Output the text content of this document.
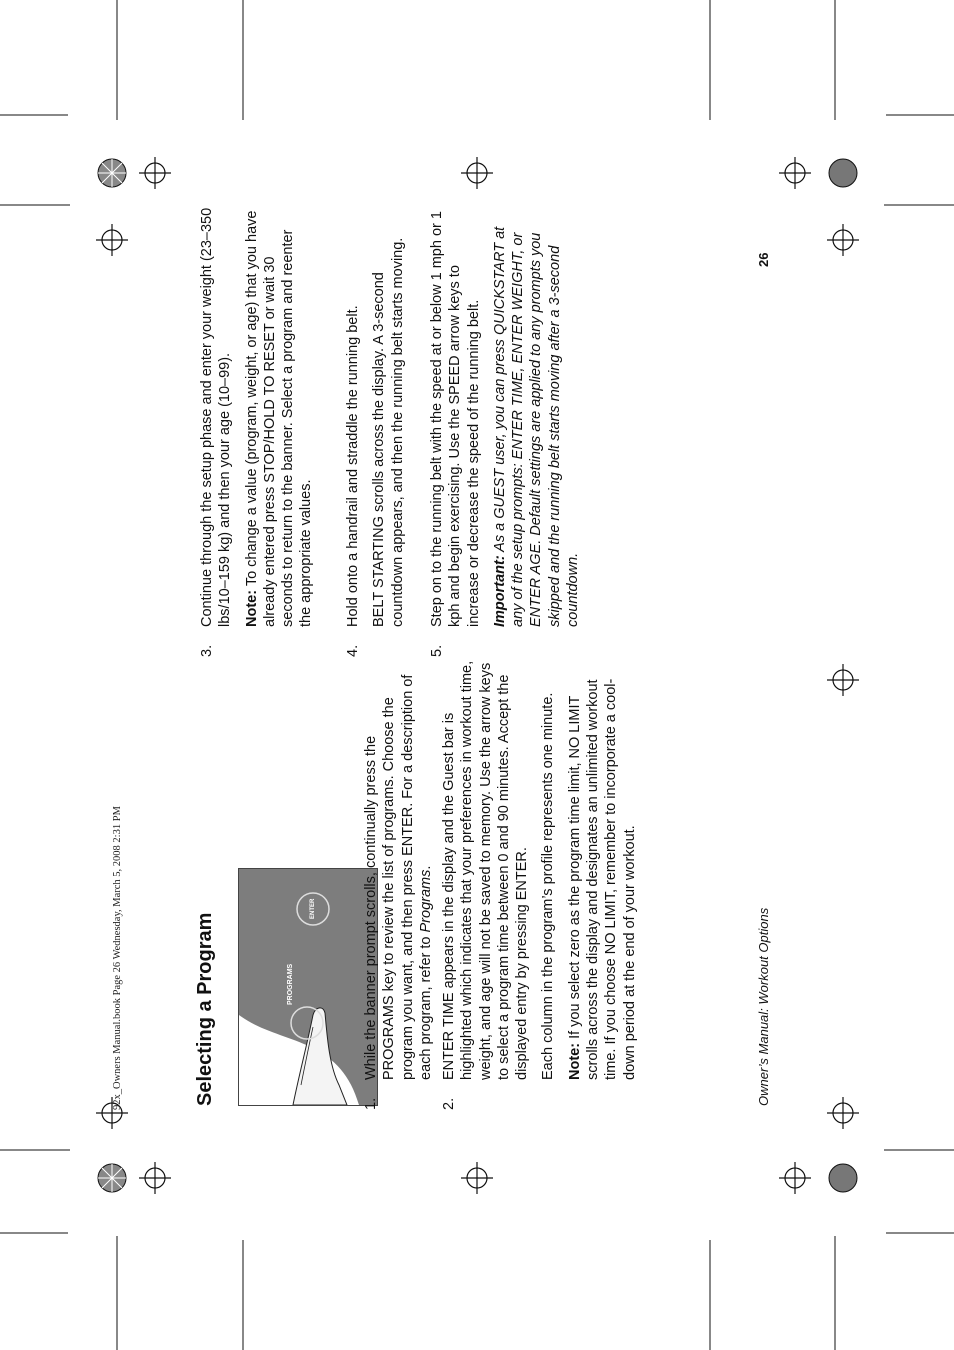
92x_Owners Manual.book Page 26 Wednesday, March 5, 2008 2:31 PM	Selecting a Program	PROGRAMS
ENTER
1.

While the banner prompt scrolls, continually press the PROGRAMS key to review the list of programs. Choose the program you want, and then press ENTER. For a description of each program, refer to Programs.

2.

ENTER TIME appears in the display and the Guest bar is highlighted which indicates that your preferences in workout time, weight, and age will not be saved to memory. Use the arrow keys to select a program time between 0 and 90 minutes. Accept the displayed entry by pressing ENTER. Each column in the program’s profile represents one minute. Note: If you select zero as the program time limit, NO LIMIT scrolls across the display and designates an unlimited workout time. If you choose NO LIMIT, remember to incorporate a cool-down period at the end of your workout.

3.

Continue through the setup phase and enter your weight (23–350 lbs/10–159 kg) and then your age (10–99). Note: To change a value (program, weight, or age) that you have already entered press STOP/HOLD TO RESET or wait 30 seconds to return to the banner. Select a program and reenter the appropriate values.

4.

Hold onto a handrail and straddle the running belt. BELT STARTING scrolls across the display. A 3-second countdown appears, and then the running belt starts moving.

5.

Step on to the running belt with the speed at or below 1 mph or 1 kph and begin exercising. Use the SPEED arrow keys to increase or decrease the speed of the running belt. Important: As a GUEST user, you can press QUICKSTART at any of the setup prompts: ENTER TIME, ENTER WEIGHT, or ENTER AGE. Default settings are applied to any prompts you skipped and the running belt starts moving after a 3-second countdown.

Owner’s Manual: Workout Options
26
